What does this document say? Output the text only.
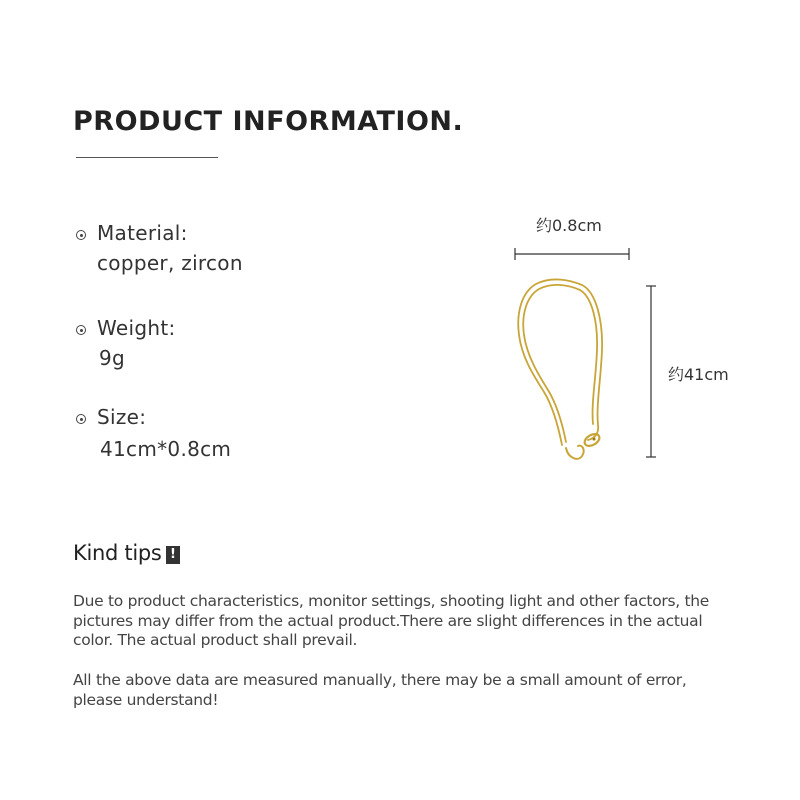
PRODUCT INFORMATION.
Material:
copper, zircon
Weight:
9g
Size:
41cm*0.8cm
约0.8cm
约41cm
Kind tips !

Due to product characteristics, monitor settings, shooting light and other factors, the pictures may differ from the actual product.There are slight differences in the actual color. The actual product shall prevail.

All the above data are measured manually, there may be a small amount of error, please understand!
